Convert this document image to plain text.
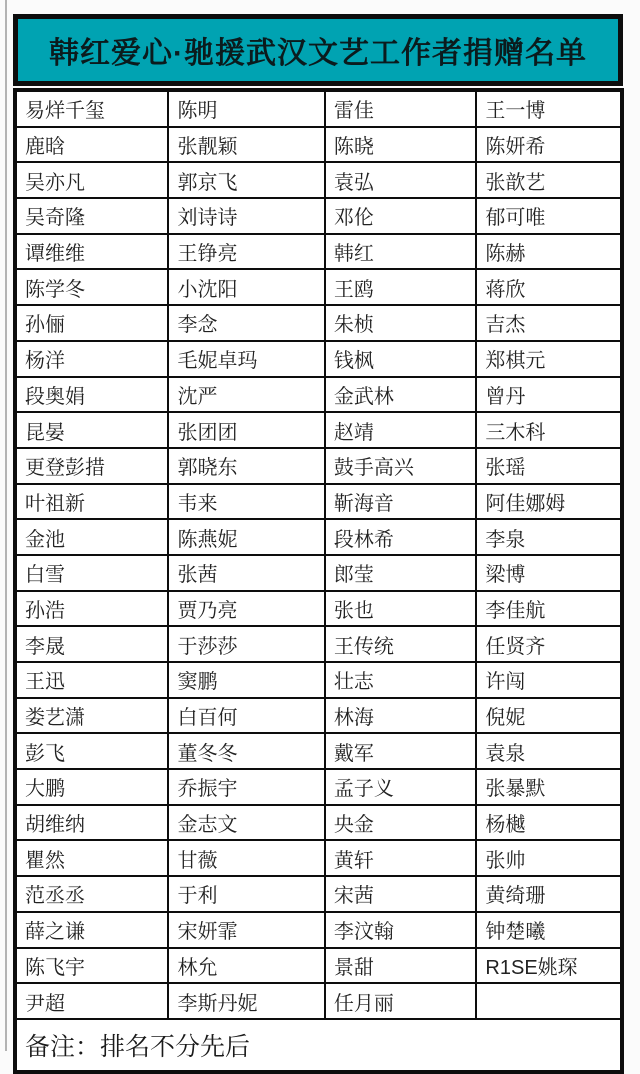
韩红爱心·驰援武汉文艺工作者捐赠名单
易烊千玺	陈明	雷佳	王一博
鹿晗	张靓颖	陈晓	陈妍希
吴亦凡	郭京飞	袁弘	张歆艺
吴奇隆	刘诗诗	邓伦	郁可唯
谭维维	王铮亮	韩红	陈赫
陈学冬	小沈阳	王鸥	蒋欣
孙俪	李念	朱桢	吉杰
杨洋	毛妮卓玛	钱枫	郑棋元
段奥娟	沈严	金武林	曾丹
昆晏	张团团	赵靖	三木科
更登彭措	郭晓东	鼓手高兴	张瑶
叶祖新	韦来	靳海音	阿佳娜姆
金池	陈燕妮	段林希	李泉
白雪	张茜	郎莹	梁博
孙浩	贾乃亮	张也	李佳航
李晟	于莎莎	王传统	任贤齐
王迅	窦鹏	壮志	许闯
娄艺潇	白百何	林海	倪妮
彭飞	董冬冬	戴军	袁泉
大鹏	乔振宇	孟子义	张暴默
胡维纳	金志文	央金	杨樾
瞿然	甘薇	黄轩	张帅
范丞丞	于利	宋茜	黄绮珊
薛之谦	宋妍霏	李汶翰	钟楚曦
陈飞宇	林允	景甜	R1SE姚琛
尹超	李斯丹妮	任月丽
备注：排名不分先后
